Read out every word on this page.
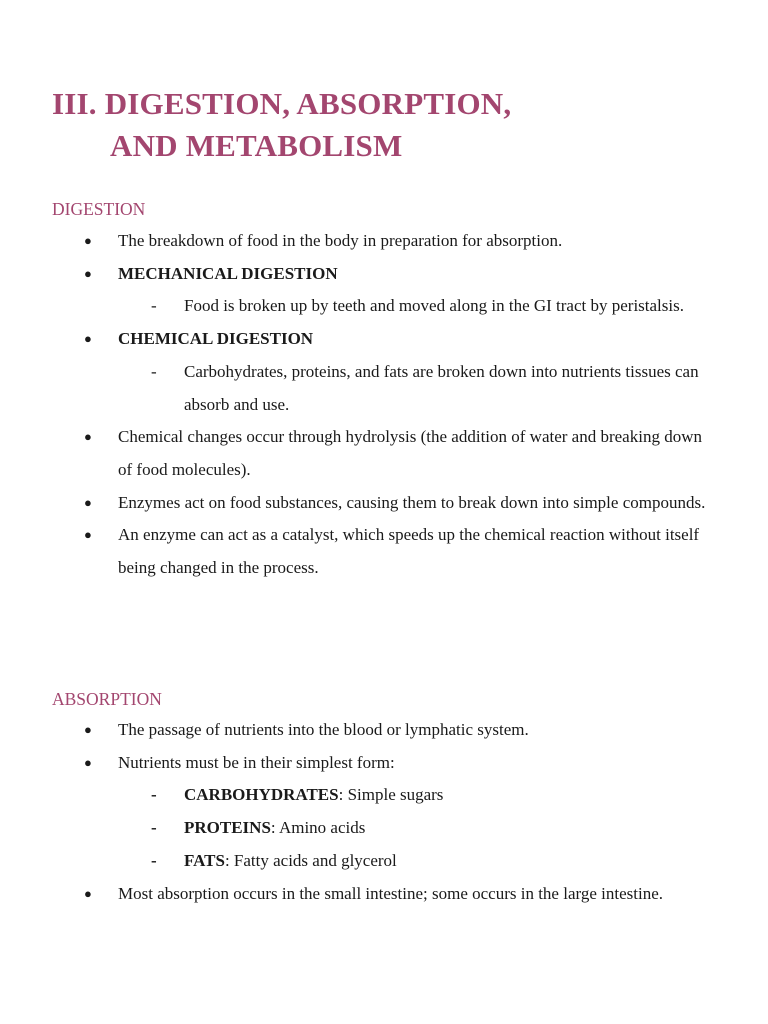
III. DIGESTION, ABSORPTION,
AND METABOLISM
DIGESTION
● The breakdown of food in the body in preparation for absorption.
● MECHANICAL DIGESTION
- Food is broken up by teeth and moved along in the GI tract by peristalsis.
● CHEMICAL DIGESTION
- Carbohydrates, proteins, and fats are broken down into nutrients tissues can absorb and use.
● Chemical changes occur through hydrolysis (the addition of water and breaking down of food molecules).
● Enzymes act on food substances, causing them to break down into simple compounds.
● An enzyme can act as a catalyst, which speeds up the chemical reaction without itself being changed in the process.
ABSORPTION
● The passage of nutrients into the blood or lymphatic system.
● Nutrients must be in their simplest form:
- CARBOHYDRATES: Simple sugars
- PROTEINS: Amino acids
- FATS: Fatty acids and glycerol
● Most absorption occurs in the small intestine; some occurs in the large intestine.
